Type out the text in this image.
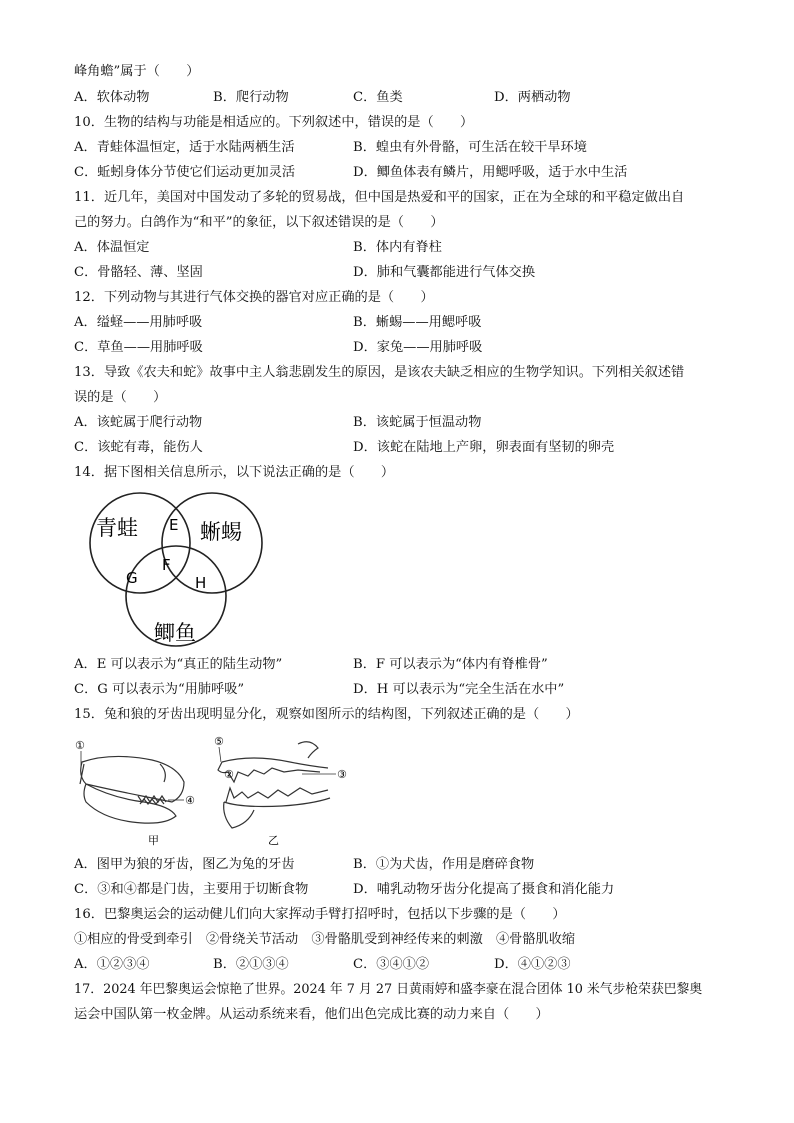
峰角蟾”属于（　　）
A．软体动物	B．爬行动物	C．鱼类	D．两栖动物
10．生物的结构与功能是相适应的。下列叙述中，错误的是（　　）
A．青蛙体温恒定，适于水陆两栖生活	B．蝗虫有外骨骼，可生活在较干旱环境
C．蚯蚓身体分节使它们运动更加灵活	D．鲫鱼体表有鳞片，用鳃呼吸，适于水中生活
11．近几年，美国对中国发动了多轮的贸易战，但中国是热爱和平的国家，正在为全球的和平稳定做出自
己的努力。白鸽作为“和平”的象征，以下叙述错误的是（　　）
A．体温恒定	B．体内有脊柱
C．骨骼轻、薄、坚固	D．肺和气囊都能进行气体交换
12．下列动物与其进行气体交换的器官对应正确的是（　　）
A．缢蛏——用肺呼吸	B．蜥蜴——用鳃呼吸
C．草鱼——用肺呼吸	D．家兔——用肺呼吸
13．导致《农夫和蛇》故事中主人翁悲剧发生的原因，是该农夫缺乏相应的生物学知识。下列相关叙述错
误的是（　　）
A．该蛇属于爬行动物	B．该蛇属于恒温动物
C．该蛇有毒，能伤人	D．该蛇在陆地上产卵，卵表面有坚韧的卵壳
14．据下图相关信息所示，以下说法正确的是（　　）
青蛙	蜥蜴
鲫鱼
E
F
G	H
A．E 可以表示为“真正的陆生动物”	B．F 可以表示为“体内有脊椎骨”
C．G 可以表示为“用肺呼吸”	D．H 可以表示为“完全生活在水中”
15．兔和狼的牙齿出现明显分化，观察如图所示的结构图，下列叙述正确的是（　　）
①
④
甲
⑤
②	③
乙
A．图甲为狼的牙齿，图乙为兔的牙齿	B．①为犬齿，作用是磨碎食物
C．③和④都是门齿，主要用于切断食物	D．哺乳动物牙齿分化提高了摄食和消化能力
16．巴黎奥运会的运动健儿们向大家挥动手臂打招呼时，包括以下步骤的是（　　）
①相应的骨受到牵引　②骨绕关节活动　③骨骼肌受到神经传来的刺激　④骨骼肌收缩
A．①②③④	B．②①③④	C．③④①②	D．④①②③
17．2024 年巴黎奥运会惊艳了世界。2024 年 7 月 27 日黄雨婷和盛李豪在混合团体 10 米气步枪荣获巴黎奥
运会中国队第一枚金牌。从运动系统来看，他们出色完成比赛的动力来自（　　）
